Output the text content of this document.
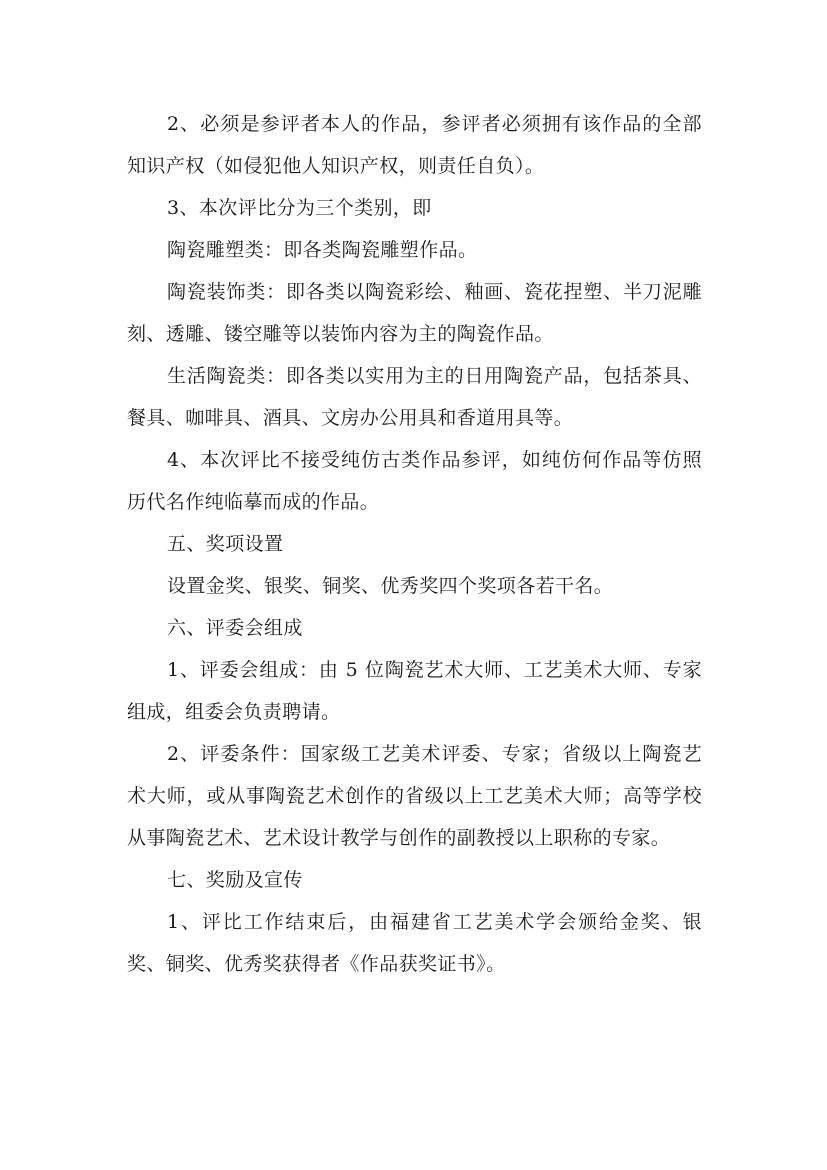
2、必须是参评者本人的作品，参评者必须拥有该作品的全部知识产权（如侵犯他人知识产权，则责任自负）。

3、本次评比分为三个类别，即

陶瓷雕塑类：即各类陶瓷雕塑作品。

陶瓷装饰类：即各类以陶瓷彩绘、釉画、瓷花捏塑、半刀泥雕刻、透雕、镂空雕等以装饰内容为主的陶瓷作品。

生活陶瓷类：即各类以实用为主的日用陶瓷产品，包括茶具、餐具、咖啡具、酒具、文房办公用具和香道用具等。

4、本次评比不接受纯仿古类作品参评，如纯仿何作品等仿照历代名作纯临摹而成的作品。

五、奖项设置

设置金奖、银奖、铜奖、优秀奖四个奖项各若干名。

六、评委会组成

1、评委会组成：由 5 位陶瓷艺术大师、工艺美术大师、专家组成，组委会负责聘请。

2、评委条件：国家级工艺美术评委、专家；省级以上陶瓷艺术大师，或从事陶瓷艺术创作的省级以上工艺美术大师；高等学校从事陶瓷艺术、艺术设计教学与创作的副教授以上职称的专家。

七、奖励及宣传

1、评比工作结束后，由福建省工艺美术学会颁给金奖、银奖、铜奖、优秀奖获得者《作品获奖证书》。
